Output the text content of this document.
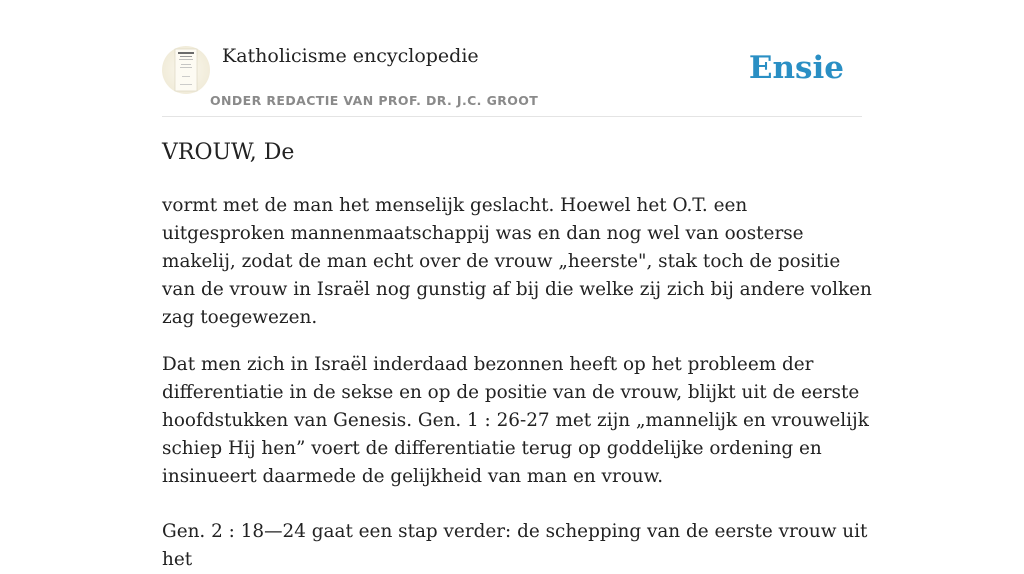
Katholicisme encyclopedie
ONDER REDACTIE VAN PROF. DR. J.C. GROOT
Ensie
VROUW, De

vormt met de man het menselijk geslacht. Hoewel het O.T. een uitgesproken mannenmaatschappij was en dan nog wel van oosterse makelij, zodat de man echt over de vrouw „heerste", stak toch de positie van de vrouw in Israël nog gunstig af bij die welke zij zich bij andere volken zag toegewezen.

Dat men zich in Israël inderdaad bezonnen heeft op het probleem der differentiatie in de sekse en op de positie van de vrouw, blijkt uit de eerste hoofdstukken van Genesis. Gen. 1 : 26-27 met zijn „mannelijk en vrouwelijk schiep Hij hen” voert de differentiatie terug op goddelijke ordening en insinueert daarmede de gelijkheid van man en vrouw.

Gen. 2 : 18—24 gaat een stap verder: de schepping van de eerste vrouw uit het
